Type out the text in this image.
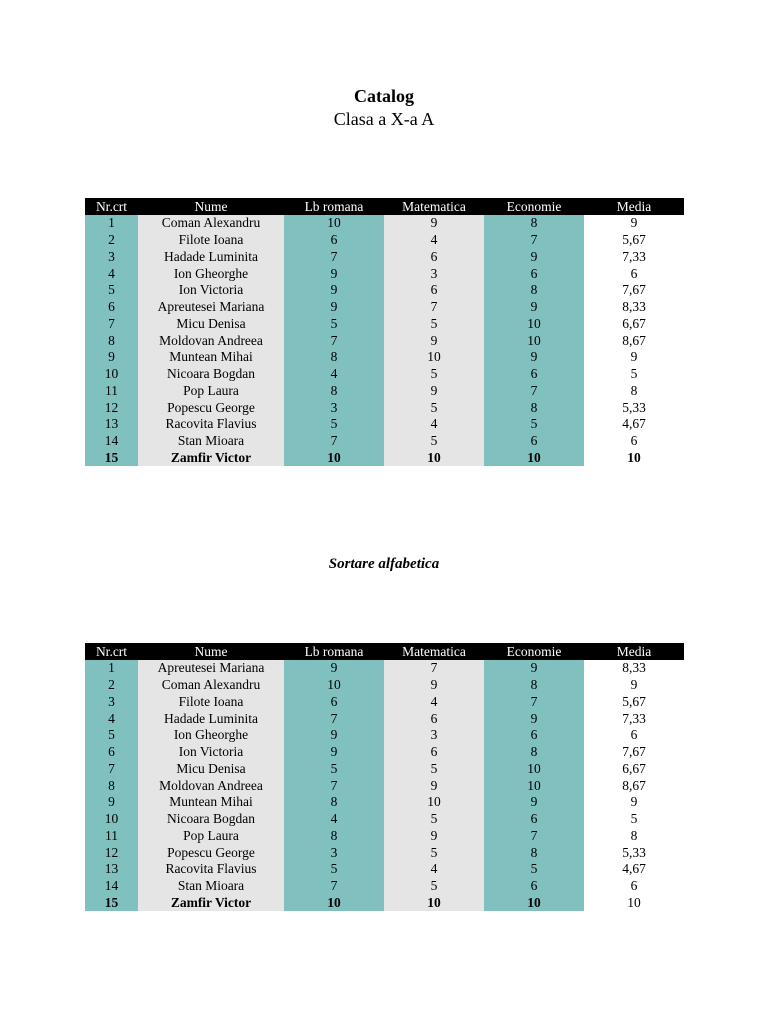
Catalog
Clasa a X-a A
Nr.crt	Nume	Lb romana	Matematica	Economie	Media
1	Coman Alexandru	10	9	8	9
2	Filote Ioana	6	4	7	5,67
3	Hadade Luminita	7	6	9	7,33
4	Ion Gheorghe	9	3	6	6
5	Ion Victoria	9	6	8	7,67
6	Apreutesei Mariana	9	7	9	8,33
7	Micu Denisa	5	5	10	6,67
8	Moldovan Andreea	7	9	10	8,67
9	Muntean Mihai	8	10	9	9
10	Nicoara Bogdan	4	5	6	5
11	Pop Laura	8	9	7	8
12	Popescu George	3	5	8	5,33
13	Racovita Flavius	5	4	5	4,67
14	Stan Mioara	7	5	6	6
15	Zamfir Victor	10	10	10	10
Sortare alfabetica
Nr.crt	Nume	Lb romana	Matematica	Economie	Media
1	Apreutesei Mariana	9	7	9	8,33
2	Coman Alexandru	10	9	8	9
3	Filote Ioana	6	4	7	5,67
4	Hadade Luminita	7	6	9	7,33
5	Ion Gheorghe	9	3	6	6
6	Ion Victoria	9	6	8	7,67
7	Micu Denisa	5	5	10	6,67
8	Moldovan Andreea	7	9	10	8,67
9	Muntean Mihai	8	10	9	9
10	Nicoara Bogdan	4	5	6	5
11	Pop Laura	8	9	7	8
12	Popescu George	3	5	8	5,33
13	Racovita Flavius	5	4	5	4,67
14	Stan Mioara	7	5	6	6
15	Zamfir Victor	10	10	10	10
